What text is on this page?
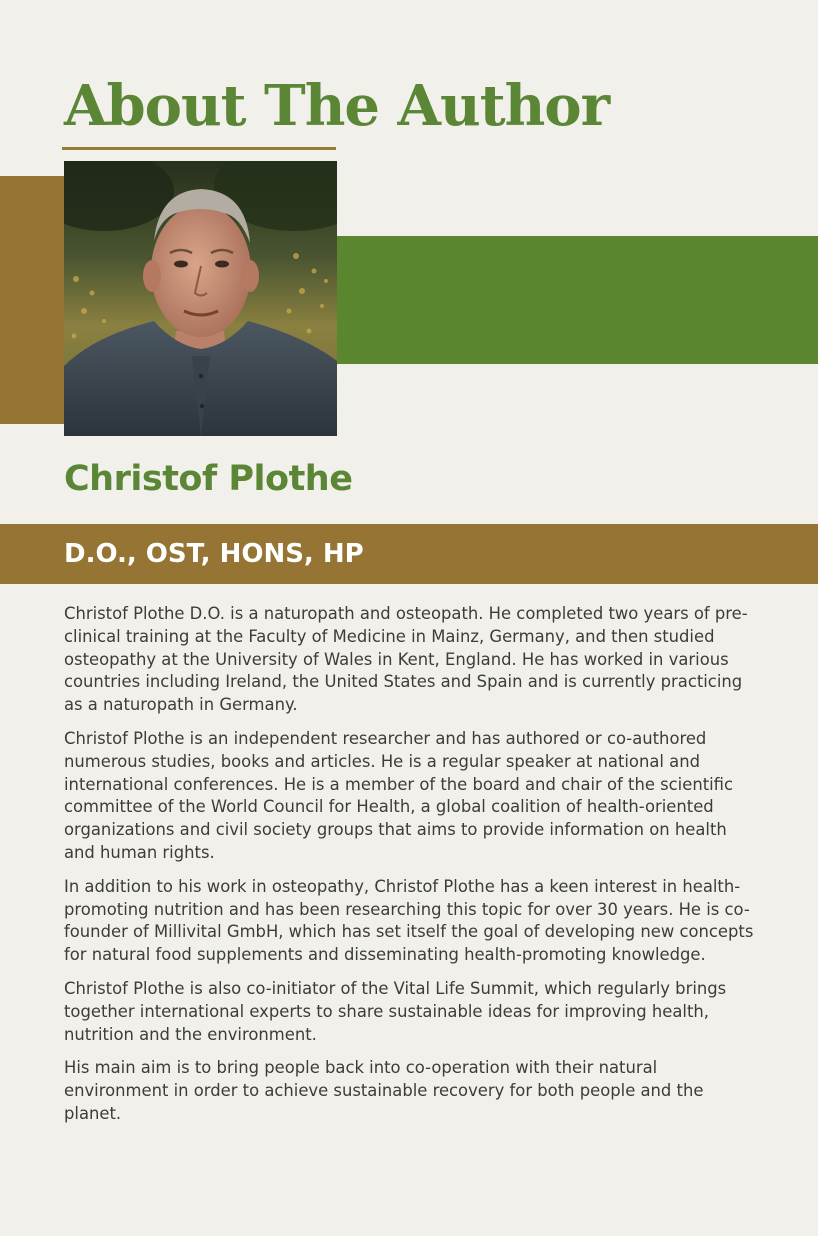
About The Author
Christof Plothe
D.O., OST, HONS, HP

Christof Plothe D.O. is a naturopath and osteopath. He completed two years of pre-clinical training at the Faculty of Medicine in Mainz, Germany, and then studied osteopathy at the University of Wales in Kent, England. He has worked in various countries including Ireland, the United States and Spain and is currently practicing as a naturopath in Germany.

Christof Plothe is an independent researcher and has authored or co-authored numerous studies, books and articles. He is a regular speaker at national and international conferences. He is a member of the board and chair of the scientific committee of the World Council for Health, a global coalition of health-oriented organizations and civil society groups that aims to provide information on health and human rights.

In addition to his work in osteopathy, Christof Plothe has a keen interest in health-promoting nutrition and has been researching this topic for over 30 years. He is co-founder of Millivital GmbH, which has set itself the goal of developing new concepts for natural food supplements and disseminating health-promoting knowledge.

Christof Plothe is also co-initiator of the Vital Life Summit, which regularly brings together international experts to share sustainable ideas for improving health, nutrition and the environment.

His main aim is to bring people back into co-operation with their natural environment in order to achieve sustainable recovery for both people and the planet.
